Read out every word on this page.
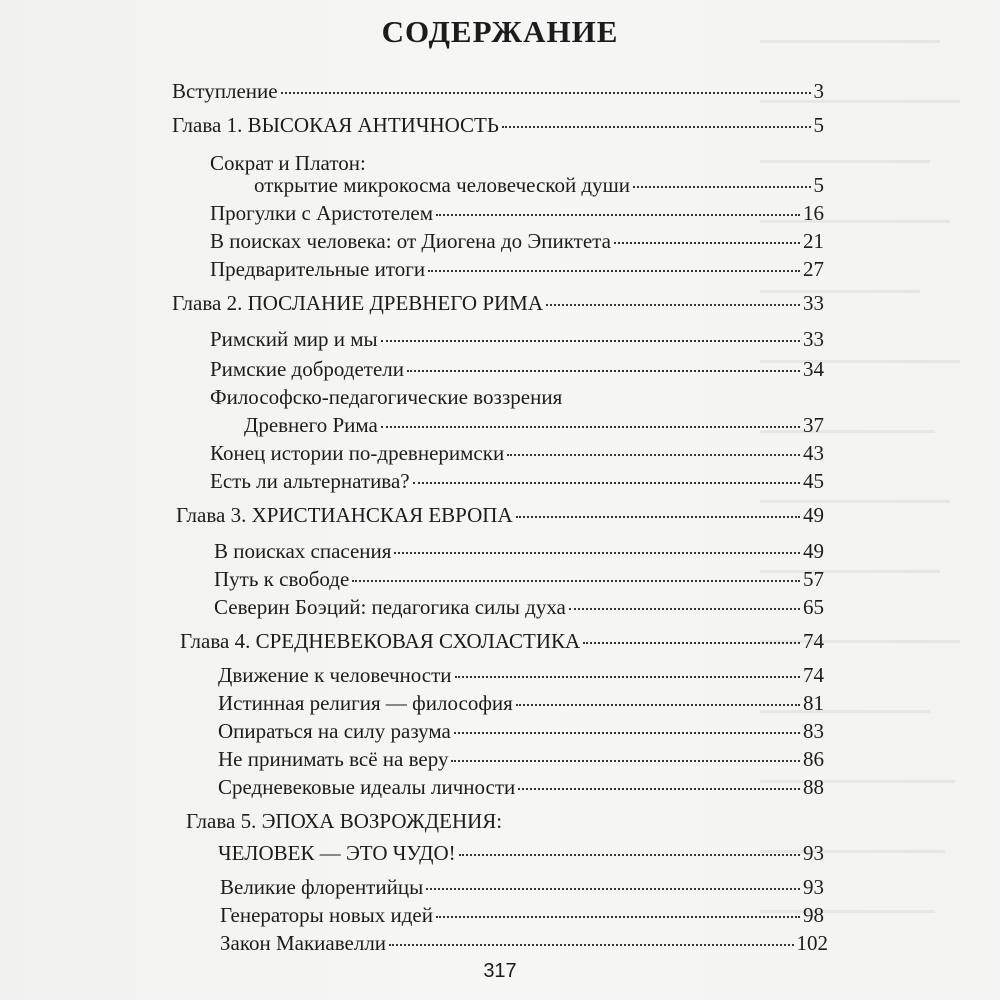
СОДЕРЖАНИЕ
Вступление	3
Глава 1. ВЫСОКАЯ АНТИЧНОСТЬ	5
Сократ и Платон:
открытие микрокосма человеческой души	5
Прогулки с Аристотелем	16
В поисках человека: от Диогена до Эпиктета	21
Предварительные итоги	27
Глава 2. ПОСЛАНИЕ ДРЕВНЕГО РИМА	33
Римский мир и мы	33
Римские добродетели	34
Философско-педагогические воззрения
Древнего Рима	37
Конец истории по-древнеримски	43
Есть ли альтернатива?	45
Глава 3. ХРИСТИАНСКАЯ ЕВРОПА	49
В поисках спасения	49
Путь к свободе	57
Северин Боэций: педагогика силы духа	65
Глава 4. СРЕДНЕВЕКОВАЯ СХОЛАСТИКА	74
Движение к человечности	74
Истинная религия — философия	81
Опираться на силу разума	83
Не принимать всё на веру	86
Средневековые идеалы личности	88
Глава 5. ЭПОХА ВОЗРОЖДЕНИЯ:
ЧЕЛОВЕК — ЭТО ЧУДО!	93
Великие флорентийцы	93
Генераторы новых идей	98
Закон Макиавелли	102
317
